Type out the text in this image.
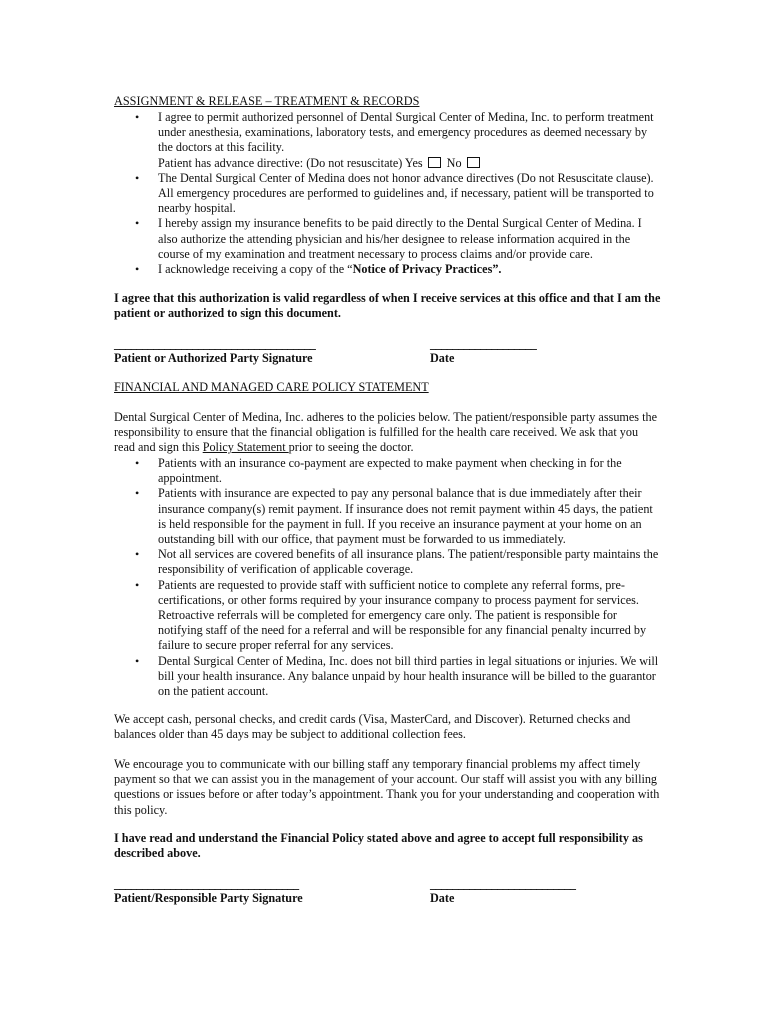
ASSIGNMENT & RELEASE – TREATMENT & RECORDS
• I agree to permit authorized personnel of Dental Surgical Center of Medina, Inc. to perform treatment under anesthesia, examinations, laboratory tests, and emergency procedures as deemed necessary by the doctors at this facility.
Patient has advance directive: (Do not resuscitate) Yes No
• The Dental Surgical Center of Medina does not honor advance directives (Do not Resuscitate clause). All emergency procedures are performed to guidelines and, if necessary, patient will be transported to nearby hospital.
• I hereby assign my insurance benefits to be paid directly to the Dental Surgical Center of Medina. I also authorize the attending physician and his/her designee to release information acquired in the course of my examination and treatment necessary to process claims and/or provide care.
• I acknowledge receiving a copy of the “Notice of Privacy Practices”.
I agree that this authorization is valid regardless of when I receive services at this office and that I am the patient or authorized to sign this document.
____________________________________	___________________
Patient or Authorized Party Signature	Date
FINANCIAL AND MANAGED CARE POLICY STATEMENT
Dental Surgical Center of Medina, Inc. adheres to the policies below. The patient/responsible party assumes the responsibility to ensure that the financial obligation is fulfilled for the health care received. We ask that you read and sign this Policy Statement prior to seeing the doctor.
• Patients with an insurance co-payment are expected to make payment when checking in for the appointment.
• Patients with insurance are expected to pay any personal balance that is due immediately after their insurance company(s) remit payment. If insurance does not remit payment within 45 days, the patient is held responsible for the payment in full. If you receive an insurance payment at your home on an outstanding bill with our office, that payment must be forwarded to us immediately.
• Not all services are covered benefits of all insurance plans. The patient/responsible party maintains the responsibility of verification of applicable coverage.
• Patients are requested to provide staff with sufficient notice to complete any referral forms, pre-certifications, or other forms required by your insurance company to process payment for services. Retroactive referrals will be completed for emergency care only. The patient is responsible for notifying staff of the need for a referral and will be responsible for any financial penalty incurred by failure to secure proper referral for any services.
• Dental Surgical Center of Medina, Inc. does not bill third parties in legal situations or injuries. We will bill your health insurance. Any balance unpaid by hour health insurance will be billed to the guarantor on the patient account.
We accept cash, personal checks, and credit cards (Visa, MasterCard, and Discover). Returned checks and balances older than 45 days may be subject to additional collection fees.
We encourage you to communicate with our billing staff any temporary financial problems my affect timely payment so that we can assist you in the management of your account. Our staff will assist you with any billing questions or issues before or after today’s appointment. Thank you for your understanding and cooperation with this policy.
I have read and understand the Financial Policy stated above and agree to accept full responsibility as described above.
_________________________________	__________________________
Patient/Responsible Party Signature	Date
